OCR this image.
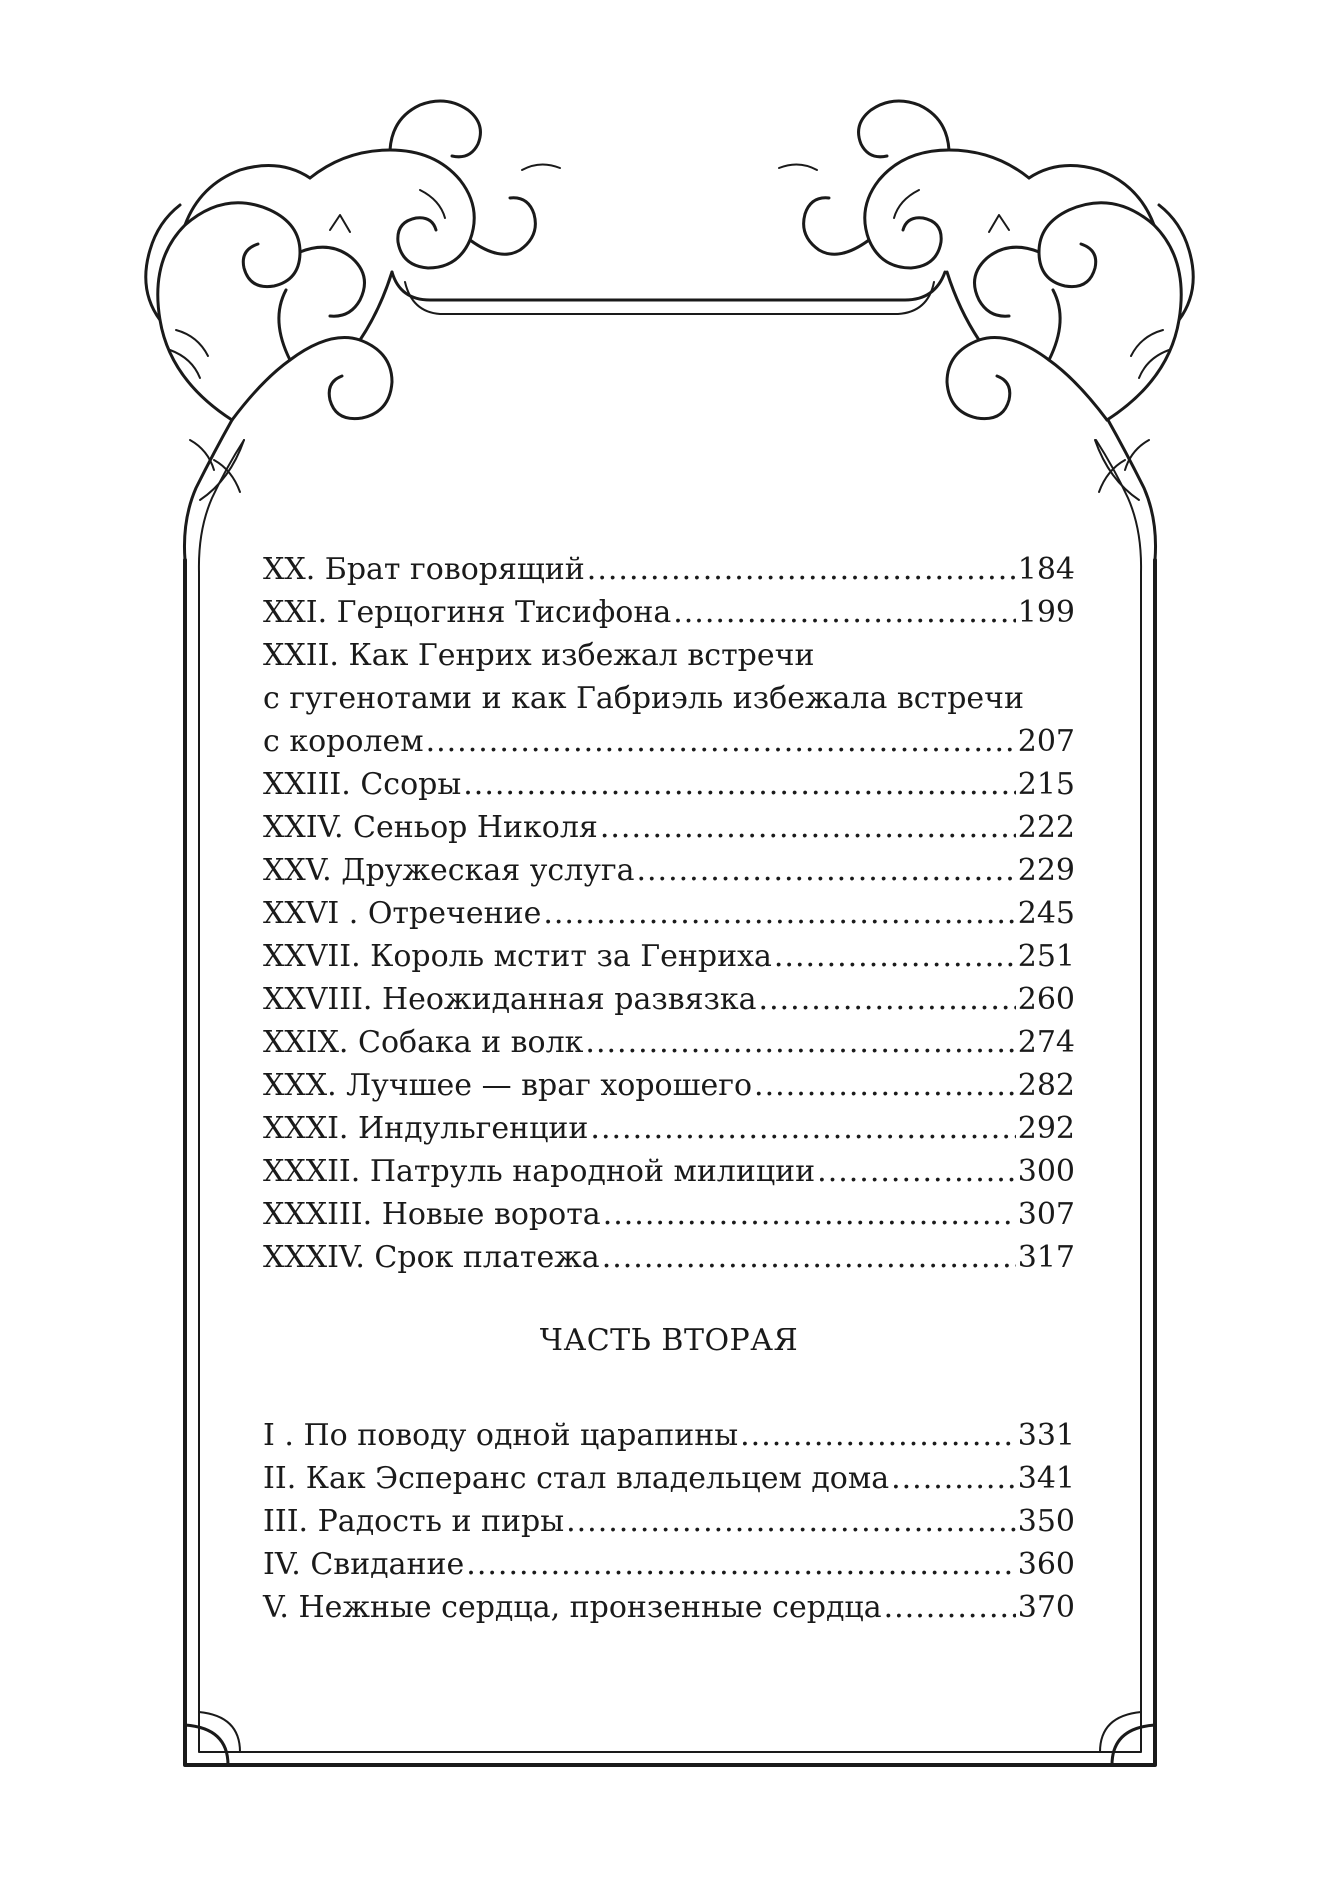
XX. Брат говорящий .....	184
XXI. Герцогиня Тисифона .....	199
XXII. Как Генрих избежал встречи
с гугенотами и как Габриэль избежала встречи
с королем .....	207
XXIII. Ссоры .....	215
XXIV. Сеньор Николя .....	222
XXV. Дружеская услуга .....	229
XXVI . Отречение .....	245
XXVII. Король мстит за Генриха .....	251
XXVIII. Неожиданная развязка .....	260
XXIX. Собака и волк .....	274
XXX. Лучшее — враг хорошего .....	282
XXXI. Индульгенции .....	292
XXXII. Патруль народной милиции .....	300
XXXIII. Новые ворота .....	307
XXXIV. Срок платежа .....	317
ЧАСТЬ ВТОРАЯ
I . По поводу одной царапины .....	331
II. Как Эсперанс стал владельцем дома .....	341
III. Радость и пиры .....	350
IV. Свидание .....	360
V. Нежные сердца, пронзенные сердца .....	370
